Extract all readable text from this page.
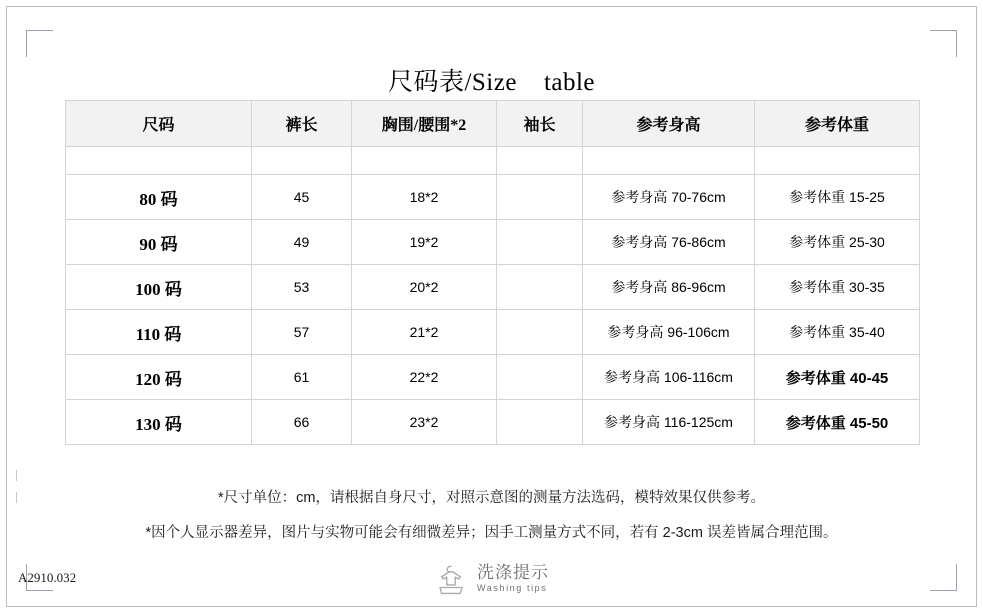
尺码表/Size    table
尺码	裤长	胸围/腰围*2	袖长	参考身高	参考体重

80 码	45	18*2		参考身高 70-76cm	参考体重 15-25
90 码	49	19*2		参考身高 76-86cm	参考体重 25-30
100 码	53	20*2		参考身高 86-96cm	参考体重 30-35
110 码	57	21*2		参考身高 96-106cm	参考体重 35-40
120 码	61	22*2		参考身高 106-116cm	参考体重 40-45
130 码	66	23*2		参考身高 116-125cm	参考体重 45-50
*尺寸单位：cm，请根据自身尺寸，对照示意图的测量方法选码，模特效果仅供参考。
*因个人显示器差异，图片与实物可能会有细微差异；因手工测量方式不同，若有 2-3cm 误差皆属合理范围。
A2910.032	洗涤提示
Washing tips
